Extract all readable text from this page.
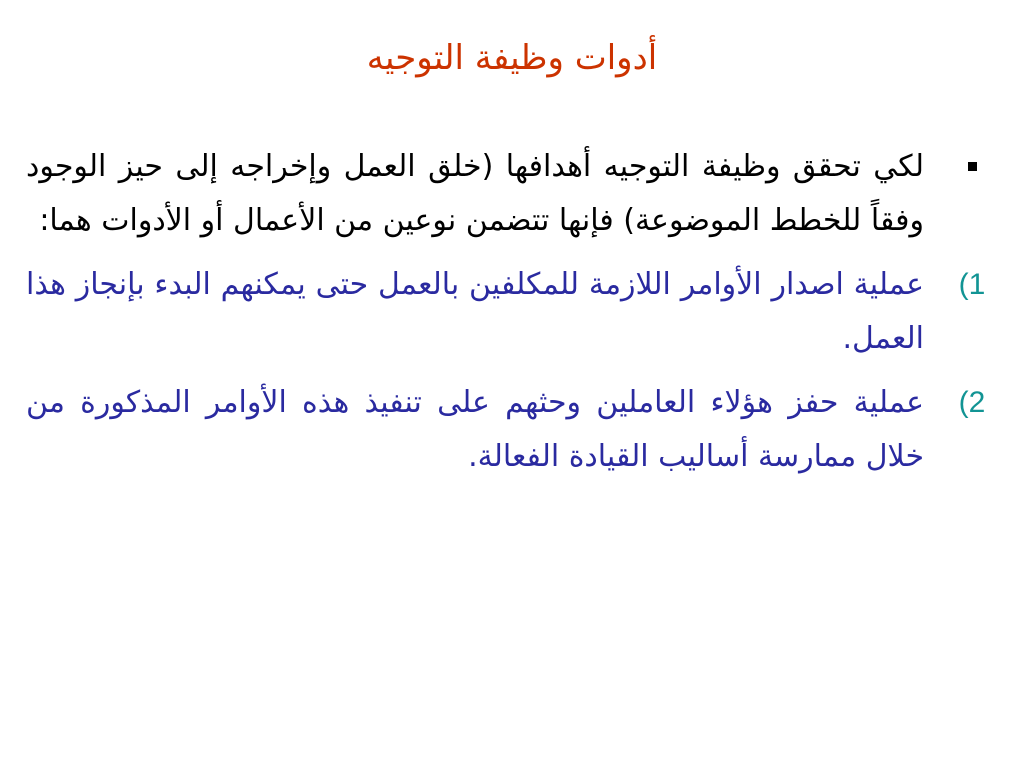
أدوات وظيفة التوجيه

لكي تحقق وظيفة التوجيه أهدافها (خلق العمل وإخراجه إلى حيز الوجود وفقاً للخطط الموضوعة) فإنها تتضمن نوعين من الأعمال أو الأدوات هما:

1)

عملية اصدار الأوامر اللازمة للمكلفين بالعمل حتى يمكنهم البدء بإنجاز هذا العمل.

2)

عملية حفز هؤلاء العاملين وحثهم على تنفيذ هذه الأوامر المذكورة من خلال ممارسة أساليب القيادة الفعالة.
